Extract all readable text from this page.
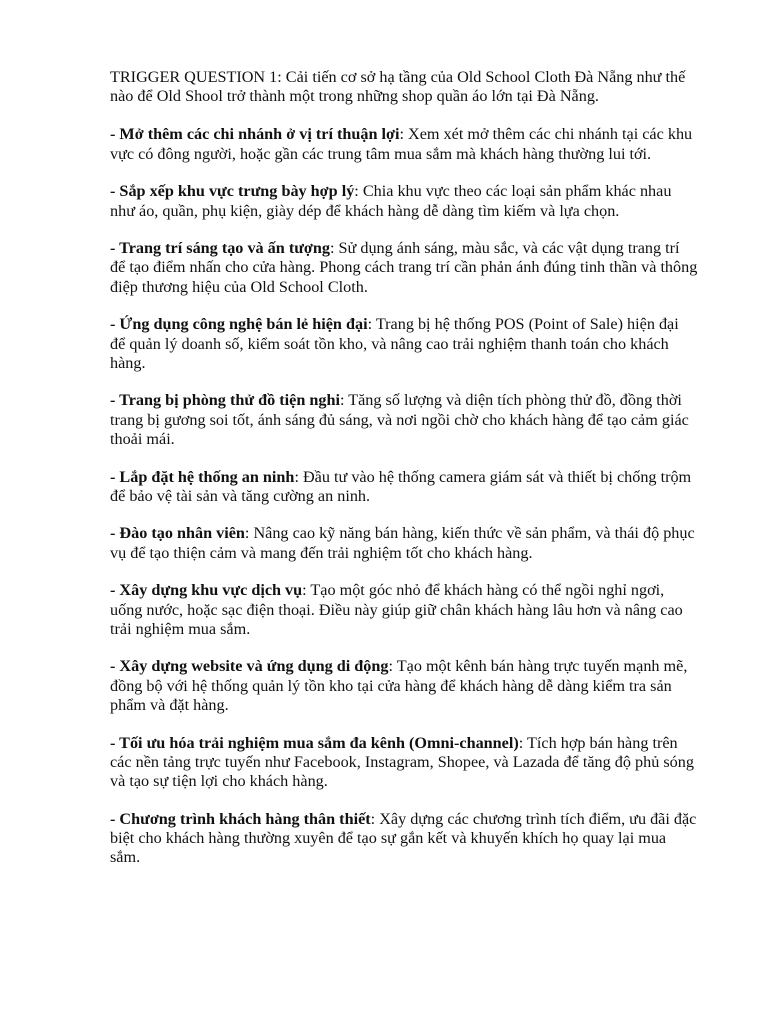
TRIGGER QUESTION 1: Cải tiến cơ sở hạ tầng của Old School Cloth Đà Nẵng như thế nào để Old Shool trở thành một trong những shop quần áo lớn tại Đà Nẵng.

- Mở thêm các chi nhánh ở vị trí thuận lợi: Xem xét mở thêm các chi nhánh tại các khu vực có đông người, hoặc gần các trung tâm mua sắm mà khách hàng thường lui tới.

- Sắp xếp khu vực trưng bày hợp lý: Chia khu vực theo các loại sản phẩm khác nhau như áo, quần, phụ kiện, giày dép để khách hàng dễ dàng tìm kiếm và lựa chọn.

- Trang trí sáng tạo và ấn tượng: Sử dụng ánh sáng, màu sắc, và các vật dụng trang trí để tạo điểm nhấn cho cửa hàng. Phong cách trang trí cần phản ánh đúng tinh thần và thông điệp thương hiệu của Old School Cloth.

- Ứng dụng công nghệ bán lẻ hiện đại: Trang bị hệ thống POS (Point of Sale) hiện đại để quản lý doanh số, kiểm soát tồn kho, và nâng cao trải nghiệm thanh toán cho khách hàng.

- Trang bị phòng thử đồ tiện nghi: Tăng số lượng và diện tích phòng thử đồ, đồng thời trang bị gương soi tốt, ánh sáng đủ sáng, và nơi ngồi chờ cho khách hàng để tạo cảm giác thoải mái.

- Lắp đặt hệ thống an ninh: Đầu tư vào hệ thống camera giám sát và thiết bị chống trộm để bảo vệ tài sản và tăng cường an ninh.

- Đào tạo nhân viên: Nâng cao kỹ năng bán hàng, kiến thức về sản phẩm, và thái độ phục vụ để tạo thiện cảm và mang đến trải nghiệm tốt cho khách hàng.

- Xây dựng khu vực dịch vụ: Tạo một góc nhỏ để khách hàng có thể ngồi nghỉ ngơi, uống nước, hoặc sạc điện thoại. Điều này giúp giữ chân khách hàng lâu hơn và nâng cao trải nghiệm mua sắm.

- Xây dựng website và ứng dụng di động: Tạo một kênh bán hàng trực tuyến mạnh mẽ, đồng bộ với hệ thống quản lý tồn kho tại cửa hàng để khách hàng dễ dàng kiểm tra sản phẩm và đặt hàng.

- Tối ưu hóa trải nghiệm mua sắm đa kênh (Omni-channel): Tích hợp bán hàng trên các nền tảng trực tuyến như Facebook, Instagram, Shopee, và Lazada để tăng độ phủ sóng và tạo sự tiện lợi cho khách hàng.

- Chương trình khách hàng thân thiết: Xây dựng các chương trình tích điểm, ưu đãi đặc biệt cho khách hàng thường xuyên để tạo sự gắn kết và khuyến khích họ quay lại mua sắm.
